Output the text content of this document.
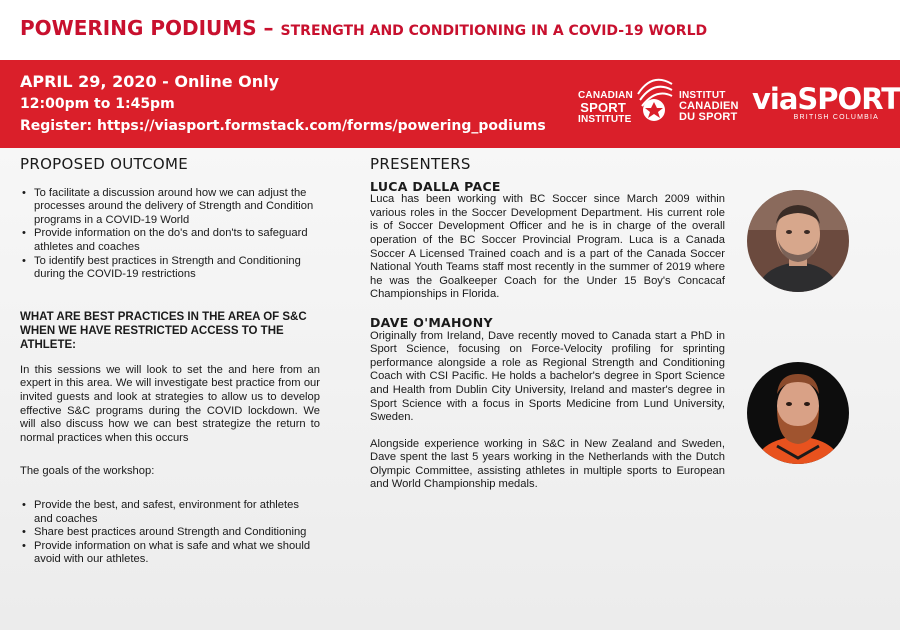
POWERING PODIUMS – STRENGTH AND CONDITIONING IN A COVID-19 WORLD
APRIL 29, 2020 - Online Only
12:00pm to 1:45pm
Register: https://viasport.formstack.com/forms/powering_podiums
CANADIAN
SPORT
INSTITUTE
INSTITUT
CANADIEN
DU SPORT
viaSPORT
BRITISH COLUMBIA
PROPOSED OUTCOME
• To facilitate a discussion around how we can adjust the processes around the delivery of Strength and Condition programs in a COVID-19 World
• Provide information on the do's and don'ts to safeguard athletes and coaches
• To identify best practices in Strength and Conditioning during the COVID-19 restrictions
WHAT ARE BEST PRACTICES IN THE AREA OF S&C WHEN WE HAVE RESTRICTED ACCESS TO THE ATHLETE:
In this sessions we will look to set the and here from an expert in this area. We will investigate best practice from our invited guests and look at strategies to allow us to develop effective S&C programs during the COVID lockdown. We will also discuss how we can best strategize the return to normal practices when this occurs
The goals of the workshop:
• Provide the best, and safest, environment for athletes and coaches
• Share best practices around Strength and Conditioning
• Provide information on what is safe and what we should avoid with our athletes.
PRESENTERS
LUCA DALLA PACE
Luca has been working with BC Soccer since March 2009 within various roles in the Soccer Development Department. His current role is of Soccer Development Officer and he is in charge of the overall operation of the BC Soccer Provincial Program. Luca is a Canada Soccer A Licensed Trained coach and is a part of the Canada Soccer National Youth Teams staff most recently in the summer of 2019 where he was the Goalkeeper Coach for the Under 15 Boy's Concacaf Championships in Florida.
DAVE O'MAHONY
Originally from Ireland, Dave recently moved to Canada start a PhD in Sport Science, focusing on Force-Velocity profiling for sprinting performance alongside a role as Regional Strength and Conditioning Coach with CSI Pacific. He holds a bachelor's degree in Sport Science and Health from Dublin City University, Ireland and master's degree in Sport Science with a focus in Sports Medicine from Lund University, Sweden.
Alongside experience working in S&C in New Zealand and Sweden, Dave spent the last 5 years working in the Netherlands with the Dutch Olympic Committee, assisting athletes in multiple sports to European and World Championship medals.
